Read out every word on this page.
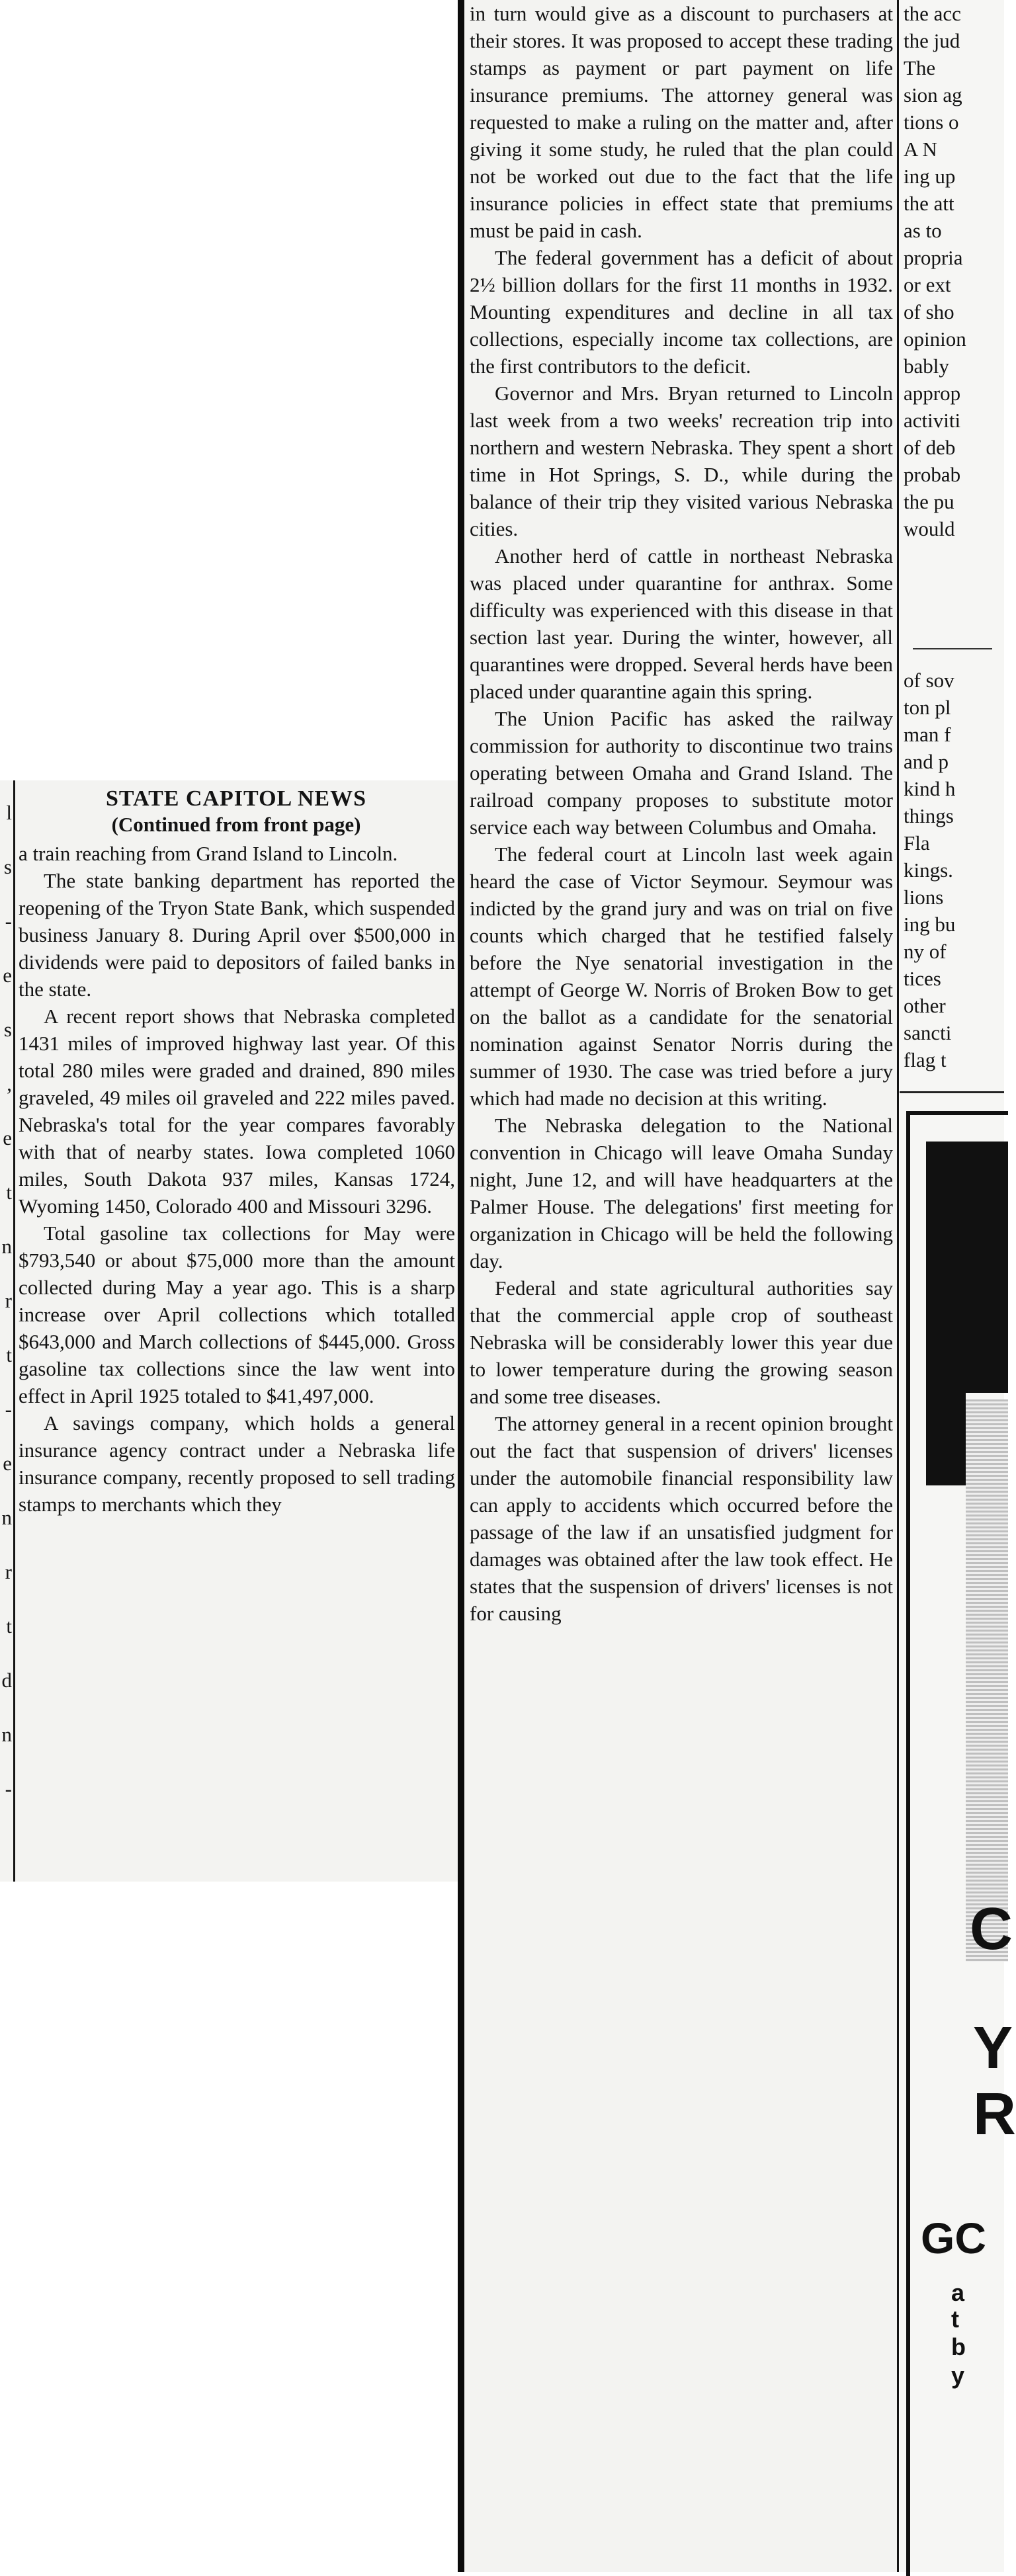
l
s
-
e
s
,
e
t
n
r
t
-
e
n
r
t
d
n
-
STATE CAPITOL NEWS
(Continued from front page)

a train reaching from Grand Island to Lincoln.

The state banking department has reported the reopening of the Tryon State Bank, which suspended business January 8. During April over $500,000 in dividends were paid to depositors of failed banks in the state.

A recent report shows that Nebraska completed 1431 miles of improved highway last year. Of this total 280 miles were graded and drained, 890 miles graveled, 49 miles oil graveled and 222 miles paved. Nebraska's total for the year compares favorably with that of nearby states. Iowa completed 1060 miles, South Dakota 937 miles, Kansas 1724, Wyoming 1450, Colorado 400 and Missouri 3296.

Total gasoline tax collections for May were $793,540 or about $75,000 more than the amount collected during May a year ago. This is a sharp increase over April collections which totalled $643,000 and March collections of $445,000. Gross gasoline tax collections since the law went into effect in April 1925 totaled to $41,497,000.

A savings company, which holds a general insurance agency contract under a Nebraska life insurance company, recently proposed to sell trading stamps to merchants which they

in turn would give as a discount to purchasers at their stores. It was proposed to accept these trading stamps as payment or part payment on life insurance premiums. The attorney general was requested to make a ruling on the matter and, after giving it some study, he ruled that the plan could not be worked out due to the fact that the life insurance policies in effect state that premiums must be paid in cash.

The federal government has a deficit of about 2½ billion dollars for the first 11 months in 1932. Mounting expenditures and decline in all tax collections, especially income tax collections, are the first contributors to the deficit.

Governor and Mrs. Bryan returned to Lincoln last week from a two weeks' recreation trip into northern and western Nebraska. They spent a short time in Hot Springs, S. D., while during the balance of their trip they visited various Nebraska cities.

Another herd of cattle in northeast Nebraska was placed under quarantine for anthrax. Some difficulty was experienced with this disease in that section last year. During the winter, however, all quarantines were dropped. Several herds have been placed under quarantine again this spring.

The Union Pacific has asked the railway commission for authority to discontinue two trains operating between Omaha and Grand Island. The railroad company proposes to substitute motor service each way between Columbus and Omaha.

The federal court at Lincoln last week again heard the case of Victor Seymour. Seymour was indicted by the grand jury and was on trial on five counts which charged that he testified falsely before the Nye senatorial investigation in the attempt of George W. Norris of Broken Bow to get on the ballot as a candidate for the senatorial nomination against Senator Norris during the summer of 1930. The case was tried before a jury which had made no decision at this writing.

The Nebraska delegation to the National convention in Chicago will leave Omaha Sunday night, June 12, and will have headquarters at the Palmer House. The delegations' first meeting for organization in Chicago will be held the following day.

Federal and state agricultural authorities say that the commercial apple crop of southeast Nebraska will be considerably lower this year due to lower temperature during the growing season and some tree diseases.

The attorney general in a recent opinion brought out the fact that suspension of drivers' licenses under the automobile financial responsibility law can apply to accidents which occurred before the passage of the law if an unsatisfied judgment for damages was obtained after the law took effect. He states that the suspension of drivers' licenses is not for causing

the acc
the jud
The
sion ag
tions o
A N
ing up
the att
as to
propria
or ext
of sho
opinion
bably
approp
activiti
of deb
probab
the pu
would
of sov
ton pl
man f
and p
kind h
things
Fla
kings.
lions
ing bu
ny of
tices
other
sancti
flag t
C
Y
R
GC
a
t
b
y
